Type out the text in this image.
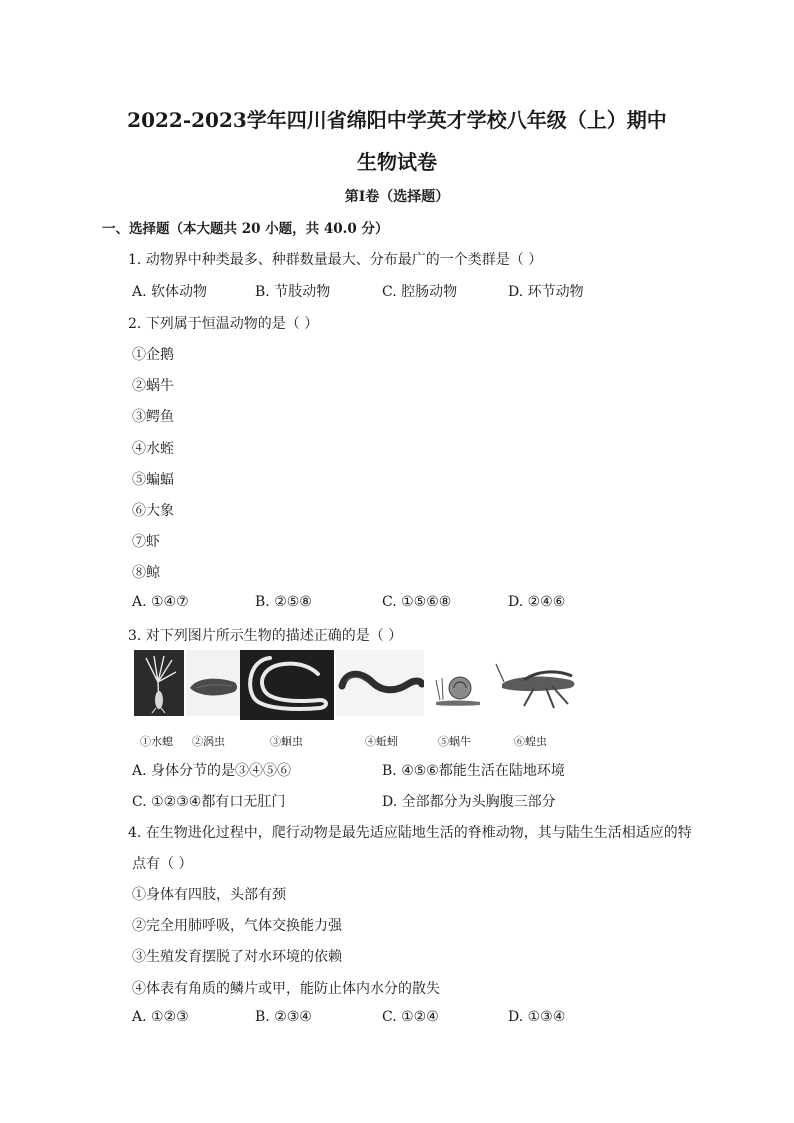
2022-2023学年四川省绵阳中学英才学校八年级（上）期中
生物试卷
第Ⅰ卷（选择题）
一、选择题（本大题共 20 小题，共 40.0 分）
1. 动物界中种类最多、种群数量最大、分布最广的一个类群是（ ）
A. 软体动物	B. 节肢动物	C. 腔肠动物	D. 环节动物
2. 下列属于恒温动物的是（ ）
①企鹅
②蜗牛
③鳄鱼
④水蛭
⑤蝙蝠
⑥大象
⑦虾
⑧鲸
A. ①④⑦	B. ②⑤⑧	C. ①⑤⑥⑧	D. ②④⑥
3. 对下列图片所示生物的描述正确的是（ ）
①水螅 ②涡虫	③蛔虫	④蚯蚓	⑤蜗牛	⑥蝗虫
A. 身体分节的是③④⑤⑥	B. ④⑤⑥都能生活在陆地环境
C. ①②③④都有口无肛门	D. 全部都分为头胸腹三部分
4. 在生物进化过程中，爬行动物是最先适应陆地生活的脊椎动物，其与陆生生活相适应的特
点有（ ）
①身体有四肢，头部有颈
②完全用肺呼吸，气体交换能力强
③生殖发育摆脱了对水环境的依赖
④体表有角质的鳞片或甲，能防止体内水分的散失
A. ①②③	B. ②③④	C. ①②④	D. ①③④
